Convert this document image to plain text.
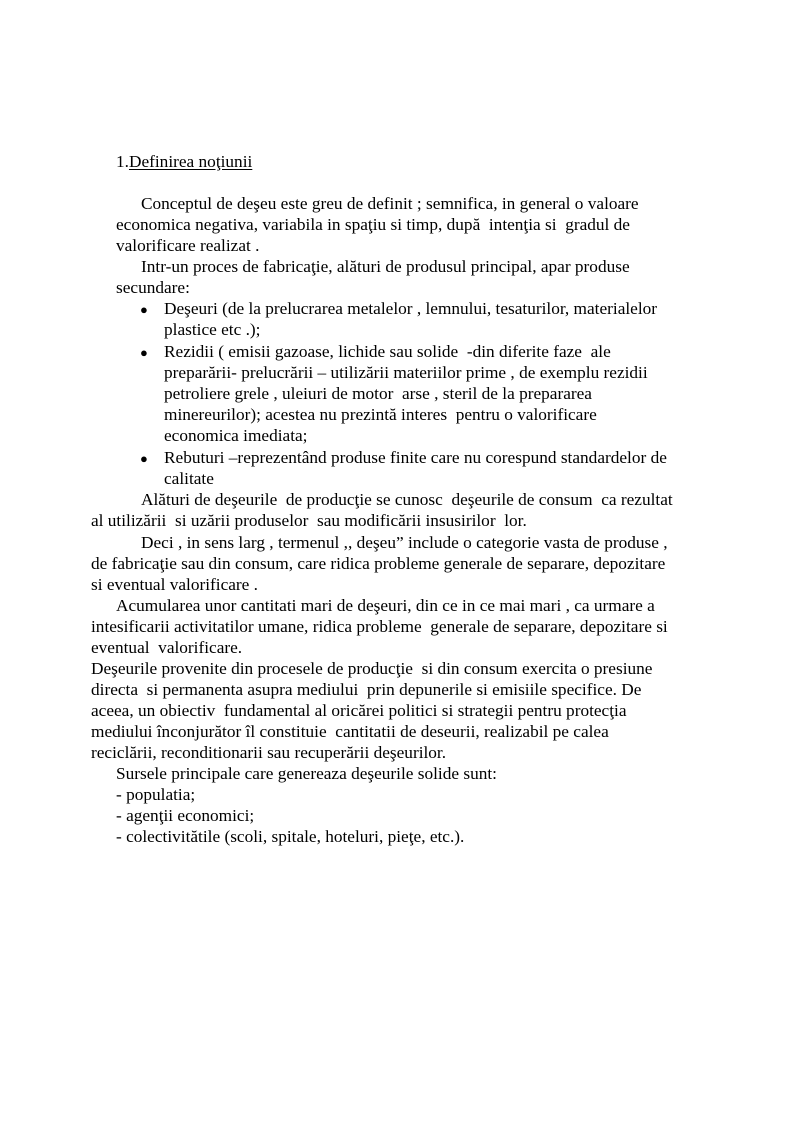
1.Definirea noţiunii
Conceptul de deşeu este greu de definit ; semnifica, in general o valoare
economica negativa, variabila in spaţiu si timp, după  intenţia si  gradul de
valorificare realizat .
Intr-un proces de fabricaţie, alături de produsul principal, apar produse
secundare:
● Deşeuri (de la prelucrarea metalelor , lemnului, tesaturilor, materialelor
plastice etc .);
● Rezidii ( emisii gazoase, lichide sau solide  -din diferite faze  ale
preparării- prelucrării – utilizării materiilor prime , de exemplu rezidii
petroliere grele , uleiuri de motor  arse , steril de la prepararea
minereurilor); acestea nu prezintă interes  pentru o valorificare
economica imediata;
● Rebuturi –reprezentând produse finite care nu corespund standardelor de
calitate
Alături de deşeurile  de producţie se cunosc  deşeurile de consum  ca rezultat
al utilizării  si uzării produselor  sau modificării insusirilor  lor.
Deci , in sens larg , termenul ,, deşeu” include o categorie vasta de produse ,
de fabricaţie sau din consum, care ridica probleme generale de separare, depozitare
si eventual valorificare .
Acumularea unor cantitati mari de deşeuri, din ce in ce mai mari , ca urmare a
intesificarii activitatilor umane, ridica probleme  generale de separare, depozitare si
eventual  valorificare.
Deşeurile provenite din procesele de producţie  si din consum exercita o presiune
directa  si permanenta asupra mediului  prin depunerile si emisiile specifice. De
aceea, un obiectiv  fundamental al oricărei politici si strategii pentru protecţia
mediului înconjurător îl constituie  cantitatii de deseurii, realizabil pe calea
reciclării, reconditionarii sau recuperării deşeurilor.
Sursele principale care genereaza deşeurile solide sunt:
- populatia;
- agenţii economici;
- colectivitătile (scoli, spitale, hoteluri, pieţe, etc.).
